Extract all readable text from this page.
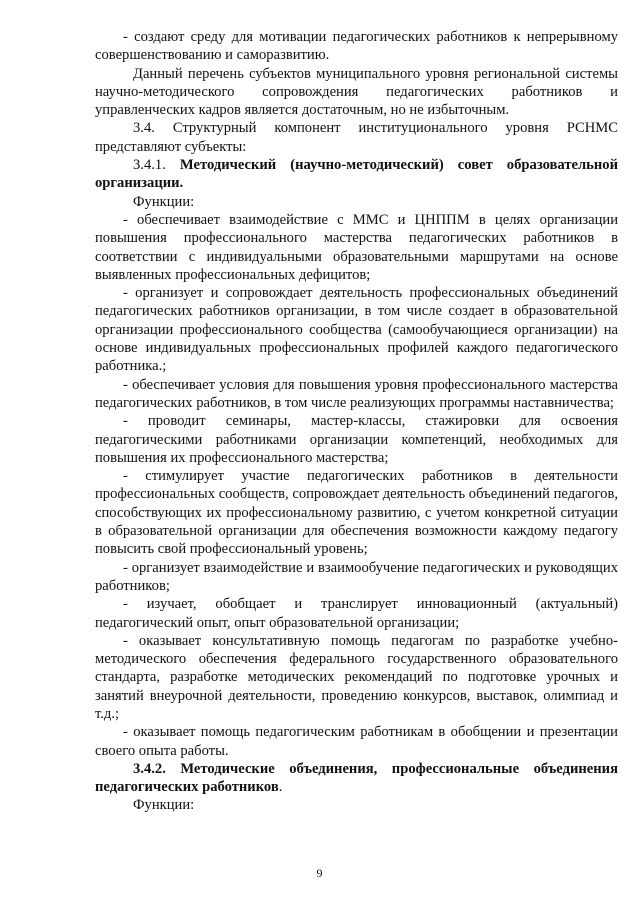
- создают среду для мотивации педагогических работников к непрерывному совершенствованию и саморазвитию.

Данный перечень субъектов муниципального уровня региональной системы научно-методического сопровождения педагогических работников и управленческих кадров является достаточным, но не избыточным.

3.4. Структурный компонент институционального уровня РСНМС представляют субъекты:

3.4.1. Методический (научно-методический) совет образовательной организации.

Функции:

- обеспечивает взаимодействие с ММС и ЦНППМ в целях организации повышения профессионального мастерства педагогических работников в соответствии с индивидуальными образовательными маршрутами на основе выявленных профессиональных дефицитов;

- организует и сопровождает деятельность профессиональных объединений педагогических работников организации, в том числе создает в образовательной организации профессионального сообщества (самообучающиеся организации) на основе индивидуальных профессиональных профилей каждого педагогического работника.;

- обеспечивает условия для повышения уровня профессионального мастерства педагогических работников, в том числе реализующих программы наставничества;

- проводит семинары, мастер-классы, стажировки для освоения педагогическими работниками организации компетенций, необходимых для повышения их профессионального мастерства;

- стимулирует участие педагогических работников в деятельности профессиональных сообществ, сопровождает деятельность объединений педагогов, способствующих их профессиональному развитию, с учетом конкретной ситуации в образовательной организации для обеспечения возможности каждому педагогу повысить свой профессиональный уровень;

- организует взаимодействие и взаимообучение педагогических и руководящих работников;

- изучает, обобщает и транслирует инновационный (актуальный) педагогический опыт, опыт образовательной организации;

- оказывает консультативную помощь педагогам по разработке учебно-методического обеспечения федерального государственного образовательного стандарта, разработке методических рекомендаций по подготовке урочных и занятий внеурочной деятельности, проведению конкурсов, выставок, олимпиад и т.д.;

- оказывает помощь педагогическим работникам в обобщении и презентации своего опыта работы.

3.4.2. Методические объединения, профессиональные объединения педагогических работников.

Функции:

9
